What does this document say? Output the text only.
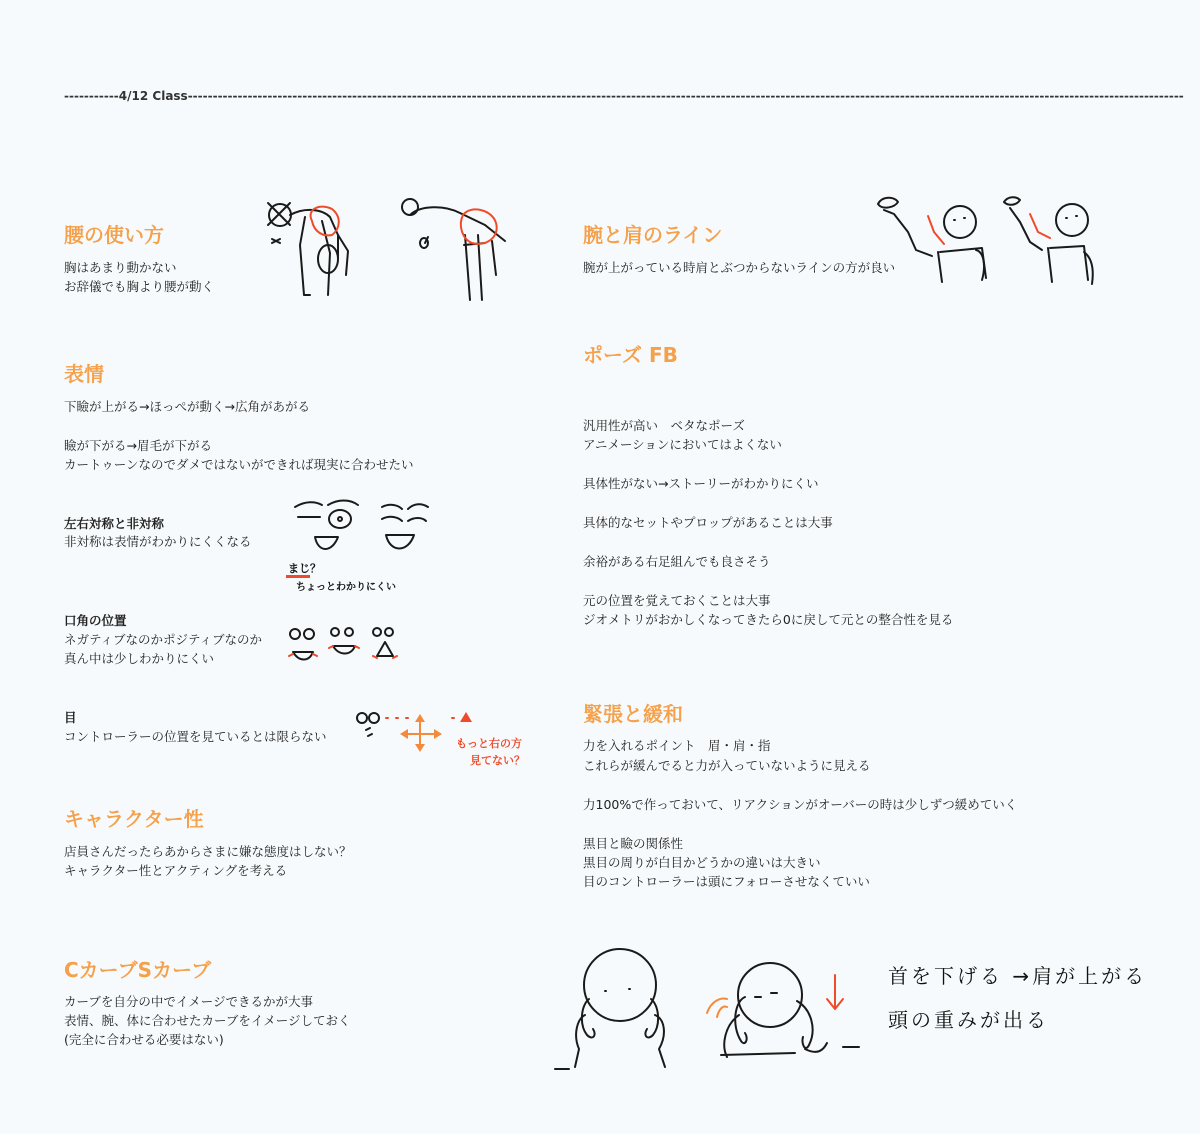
-----------4/12 Class--------------------------------------------------------------------------------------------------------------------------------------------------------------------------------------------------------
腰の使い方
胸はあまり動かない
お辞儀でも胸より腰が動く
表情
下瞼が上がる→ほっぺが動く→広角があがる
瞼が下がる→眉毛が下がる
カートゥーンなのでダメではないができれば現実に合わせたい
左右対称と非対称
非対称は表情がわかりにくくなる
まじ？
ちょっとわかりにくい
口角の位置
ネガティブなのかポジティブなのか
真ん中は少しわかりにくい
目
コントローラーの位置を見ているとは限らない	もっと右の方
見てない？
キャラクター性
店員さんだったらあからさまに嫌な態度はしない？
キャラクター性とアクティングを考える
CカーブSカーブ
カーブを自分の中でイメージできるかが大事
表情、腕、体に合わせたカーブをイメージしておく
(完全に合わせる必要はない)
腕と肩のライン
腕が上がっている時肩とぶつからないラインの方が良い
ポーズ FB
汎用性が高い　ベタなポーズ
アニメーションにおいてはよくない
具体性がない→ストーリーがわかりにくい
具体的なセットやプロップがあることは大事
余裕がある右足組んでも良さそう
元の位置を覚えておくことは大事
ジオメトリがおかしくなってきたら0に戻して元との整合性を見る
緊張と緩和
力を入れるポイント　眉・肩・指
これらが緩んでると力が入っていないように見える
力100%で作っておいて、リアクションがオーバーの時は少しずつ緩めていく
黒目と瞼の関係性
黒目の周りが白目かどうかの違いは大きい
目のコントローラーは頭にフォローさせなくていい
首を下げる →肩が上がる
頭の重みが出る
